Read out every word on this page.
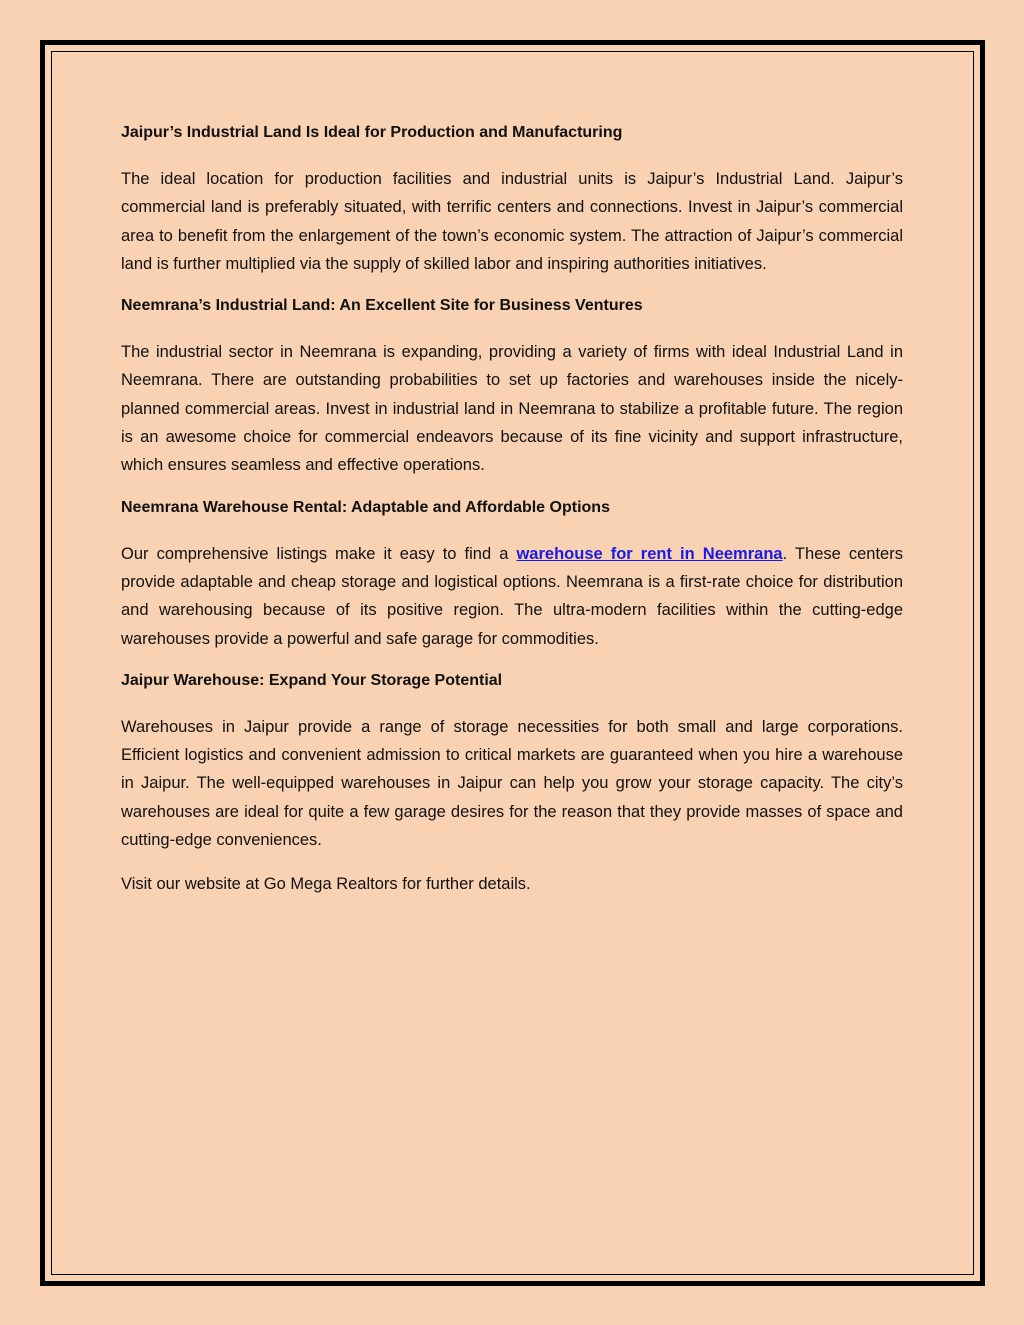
Jaipur’s Industrial Land Is Ideal for Production and Manufacturing

The ideal location for production facilities and industrial units is Jaipur’s Industrial Land. Jaipur’s commercial land is preferably situated, with terrific centers and connections. Invest in Jaipur’s commercial area to benefit from the enlargement of the town’s economic system. The attraction of Jaipur’s commercial land is further multiplied via the supply of skilled labor and inspiring authorities initiatives.

Neemrana’s Industrial Land: An Excellent Site for Business Ventures

The industrial sector in Neemrana is expanding, providing a variety of firms with ideal Industrial Land in Neemrana. There are outstanding probabilities to set up factories and warehouses inside the nicely-planned commercial areas. Invest in industrial land in Neemrana to stabilize a profitable future. The region is an awesome choice for commercial endeavors because of its fine vicinity and support infrastructure, which ensures seamless and effective operations.

Neemrana Warehouse Rental: Adaptable and Affordable Options

Our comprehensive listings make it easy to find a warehouse for rent in Neemrana. These centers provide adaptable and cheap storage and logistical options. Neemrana is a first-rate choice for distribution and warehousing because of its positive region. The ultra-modern facilities within the cutting-edge warehouses provide a powerful and safe garage for commodities.

Jaipur Warehouse: Expand Your Storage Potential

Warehouses in Jaipur provide a range of storage necessities for both small and large corporations. Efficient logistics and convenient admission to critical markets are guaranteed when you hire a warehouse in Jaipur. The well-equipped warehouses in Jaipur can help you grow your storage capacity. The city’s warehouses are ideal for quite a few garage desires for the reason that they provide masses of space and cutting-edge conveniences.

Visit our website at Go Mega Realtors for further details.
